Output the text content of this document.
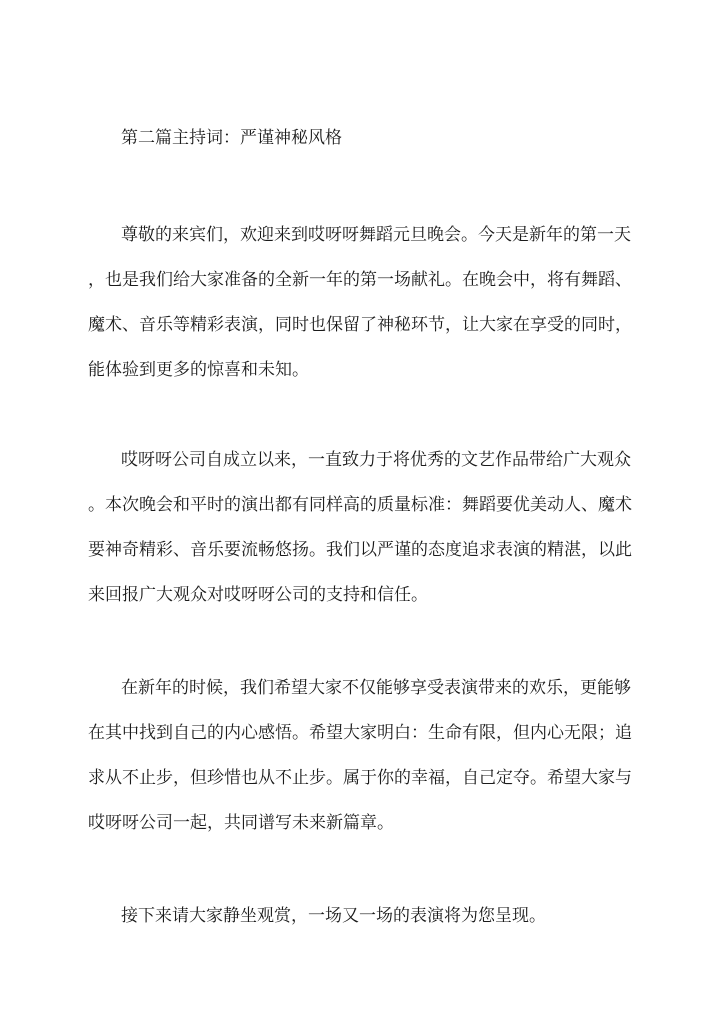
第二篇主持词：严谨神秘风格
尊敬的来宾们，欢迎来到哎呀呀舞蹈元旦晚会。今天是新年的第一天
，也是我们给大家准备的全新一年的第一场献礼。在晚会中，将有舞蹈、
魔术、音乐等精彩表演，同时也保留了神秘环节，让大家在享受的同时，
能体验到更多的惊喜和未知。
哎呀呀公司自成立以来，一直致力于将优秀的文艺作品带给广大观众
。本次晚会和平时的演出都有同样高的质量标准：舞蹈要优美动人、魔术
要神奇精彩、音乐要流畅悠扬。我们以严谨的态度追求表演的精湛，以此
来回报广大观众对哎呀呀公司的支持和信任。
在新年的时候，我们希望大家不仅能够享受表演带来的欢乐，更能够
在其中找到自己的内心感悟。希望大家明白：生命有限，但内心无限；追
求从不止步，但珍惜也从不止步。属于你的幸福，自己定夺。希望大家与
哎呀呀公司一起，共同谱写未来新篇章。
接下来请大家静坐观赏，一场又一场的表演将为您呈现。
